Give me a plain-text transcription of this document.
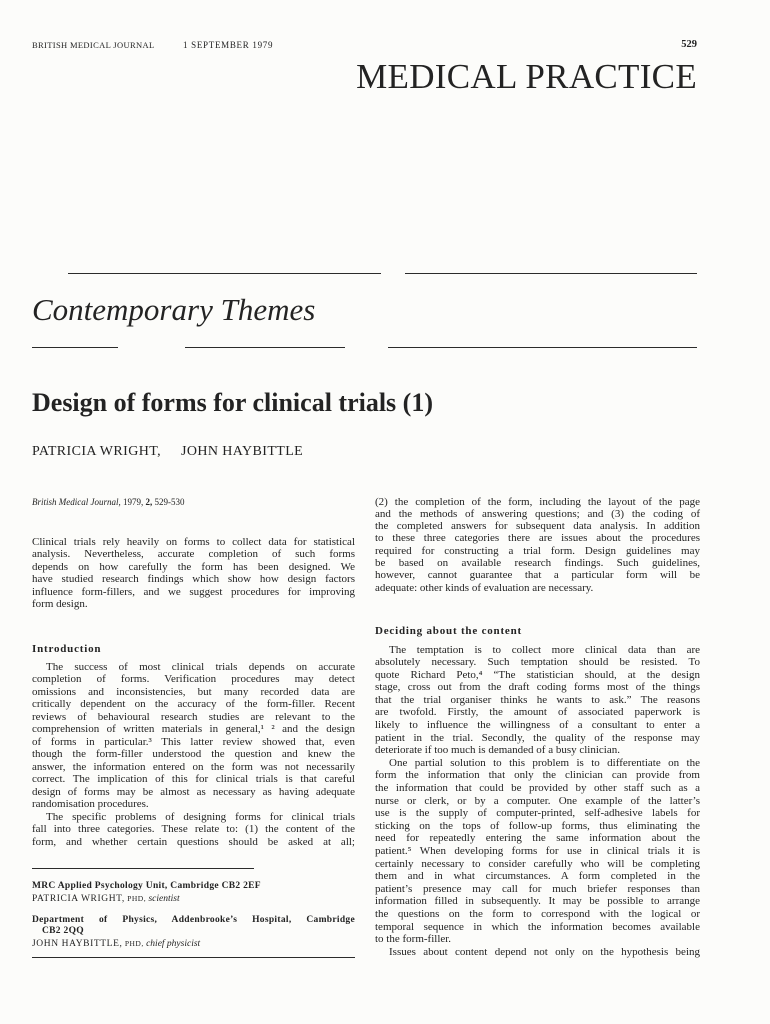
BRITISH MEDICAL JOURNAL	1 SEPTEMBER 1979	529
MEDICAL PRACTICE
Contemporary Themes
Design of forms for clinical trials (1)
PATRICIA WRIGHT, JOHN HAYBITTLE
British Medical Journal, 1979, 2, 529-530
Clinical trials rely heavily on forms to collect data for statistical
analysis. Nevertheless, accurate completion of such forms
depends on how carefully the form has been designed. We
have studied research findings which show how design factors
influence form-fillers, and we suggest procedures for improving
form design.
Introduction
The success of most clinical trials depends on accurate
completion of forms. Verification procedures may detect
omissions and inconsistencies, but many recorded data are
critically dependent on the accuracy of the form-filler. Recent
reviews of behavioural research studies are relevant to the
comprehension of written materials in general,¹ ² and the design
of forms in particular.³ This latter review showed that, even
though the form-filler understood the question and knew the
answer, the information entered on the form was not necessarily
correct. The implication of this for clinical trials is that careful
design of forms may be almost as necessary as having adequate
randomisation procedures.
The specific problems of designing forms for clinical trials
fall into three categories. These relate to: (1) the content of the
form, and whether certain questions should be asked at all;
MRC Applied Psychology Unit, Cambridge CB2 2EF
PATRICIA WRIGHT, PHD, scientist
Department of Physics, Addenbrooke’s Hospital, Cambridge
CB2 2QQ
JOHN HAYBITTLE, PHD, chief physicist
(2) the completion of the form, including the layout of the page
and the methods of answering questions; and (3) the coding of
the completed answers for subsequent data analysis. In addition
to these three categories there are issues about the procedures
required for constructing a trial form. Design guidelines may
be based on available research findings. Such guidelines,
however, cannot guarantee that a particular form will be
adequate: other kinds of evaluation are necessary.
Deciding about the content
The temptation is to collect more clinical data than are
absolutely necessary. Such temptation should be resisted. To
quote Richard Peto,⁴ “The statistician should, at the design
stage, cross out from the draft coding forms most of the things
that the trial organiser thinks he wants to ask.” The reasons
are twofold. Firstly, the amount of associated paperwork is
likely to influence the willingness of a consultant to enter a
patient in the trial. Secondly, the quality of the response may
deteriorate if too much is demanded of a busy clinician.
One partial solution to this problem is to differentiate on the
form the information that only the clinician can provide from
the information that could be provided by other staff such as a
nurse or clerk, or by a computer. One example of the latter’s
use is the supply of computer-printed, self-adhesive labels for
sticking on the tops of follow-up forms, thus eliminating the
need for repeatedly entering the same information about the
patient.⁵ When developing forms for use in clinical trials it is
certainly necessary to consider carefully who will be completing
them and in what circumstances. A form completed in the
patient’s presence may call for much briefer responses than
information filled in subsequently. It may be possible to arrange
the questions on the form to correspond with the logical or
temporal sequence in which the information becomes available
to the form-filler.
Issues about content depend not only on the hypothesis being
